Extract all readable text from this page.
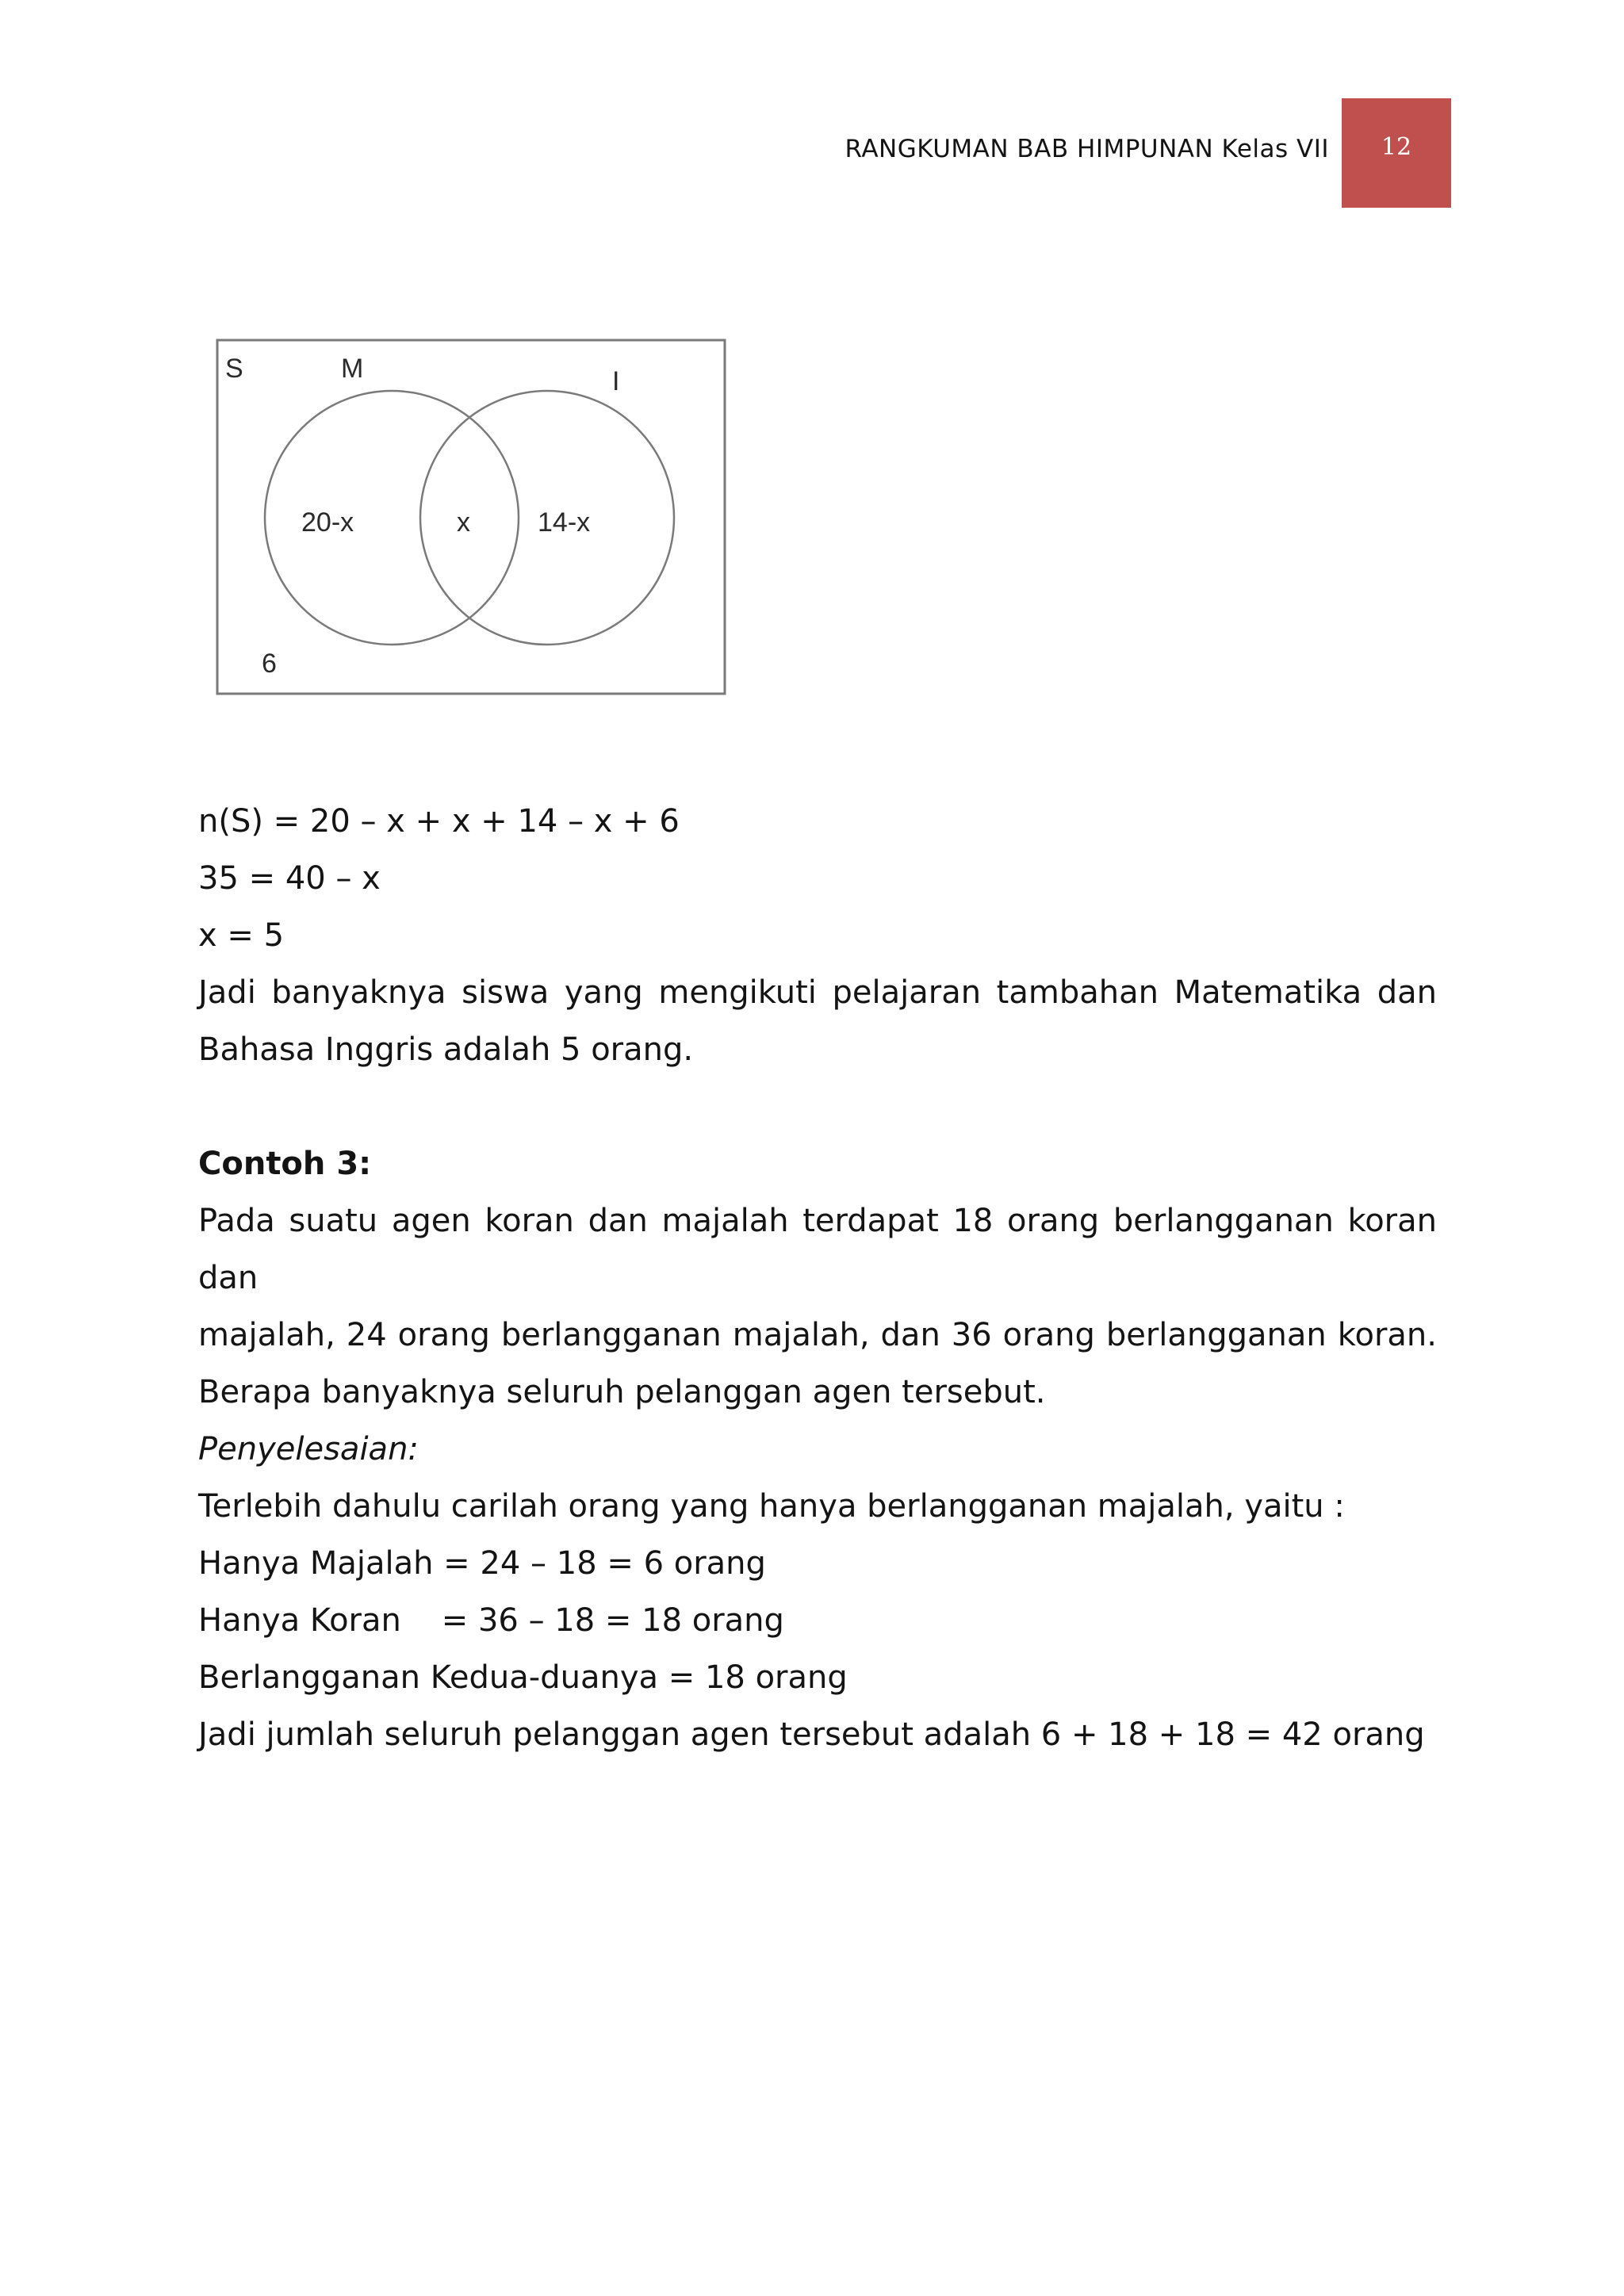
RANGKUMAN BAB HIMPUNAN Kelas VII	12
S	M	I
20-x	x	14-x
6
n(S) = 20 – x + x + 14 – x + 6
35 = 40 – x
x = 5
Jadi banyaknya siswa yang mengikuti pelajaran tambahan Matematika dan
Bahasa Inggris adalah 5 orang.
Contoh 3:
Pada suatu agen koran dan majalah terdapat 18 orang berlangganan koran dan
majalah, 24 orang berlangganan majalah, dan 36 orang berlangganan koran.
Berapa banyaknya seluruh pelanggan agen tersebut.
Penyelesaian:
Terlebih dahulu carilah orang yang hanya berlangganan majalah, yaitu :
Hanya Majalah = 24 – 18 = 6 orang
Hanya Koran    = 36 – 18 = 18 orang
Berlangganan Kedua-duanya = 18 orang
Jadi jumlah seluruh pelanggan agen tersebut adalah 6 + 18 + 18 = 42 orang
